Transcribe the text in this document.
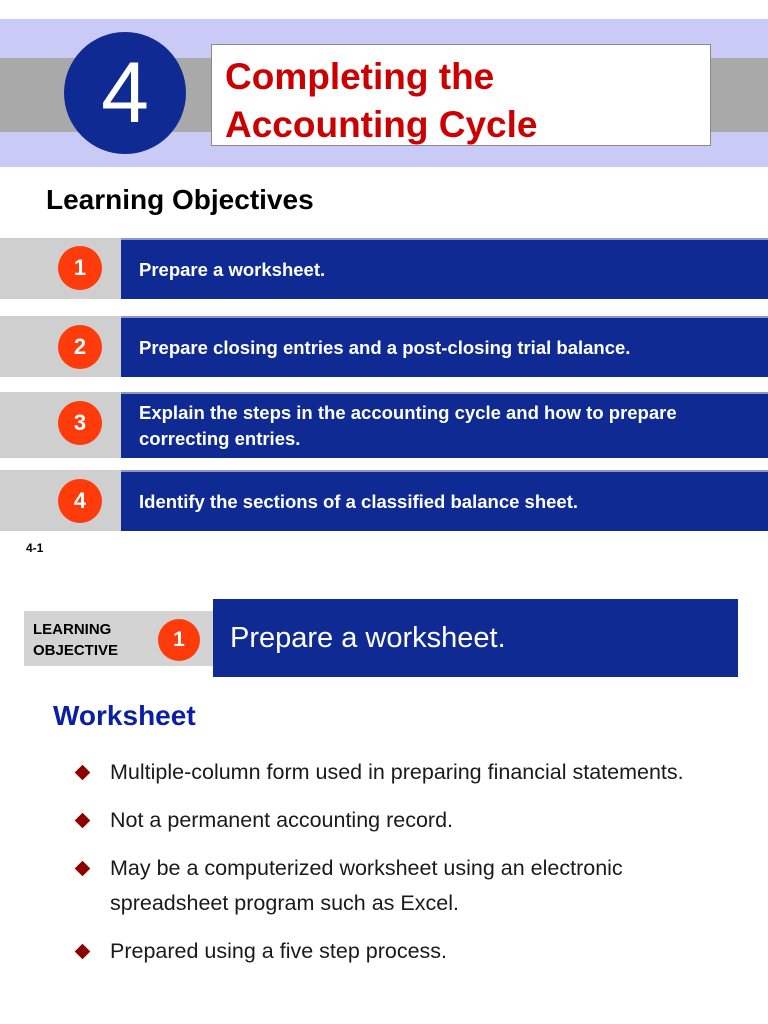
4	Completing the
Accounting Cycle
Learning Objectives
1	Prepare a worksheet.
2	Prepare closing entries and a post-closing trial balance.
3	Explain the steps in the accounting cycle and how to prepare correcting entries.
4	Identify the sections of a classified balance sheet.
4-1
LEARNING
OBJECTIVE	1	Prepare a worksheet.
Worksheet
Multiple-column form used in preparing financial statements.
Not a permanent accounting record.
May be a computerized worksheet using an electronic spreadsheet program such as Excel.
Prepared using a five step process.
